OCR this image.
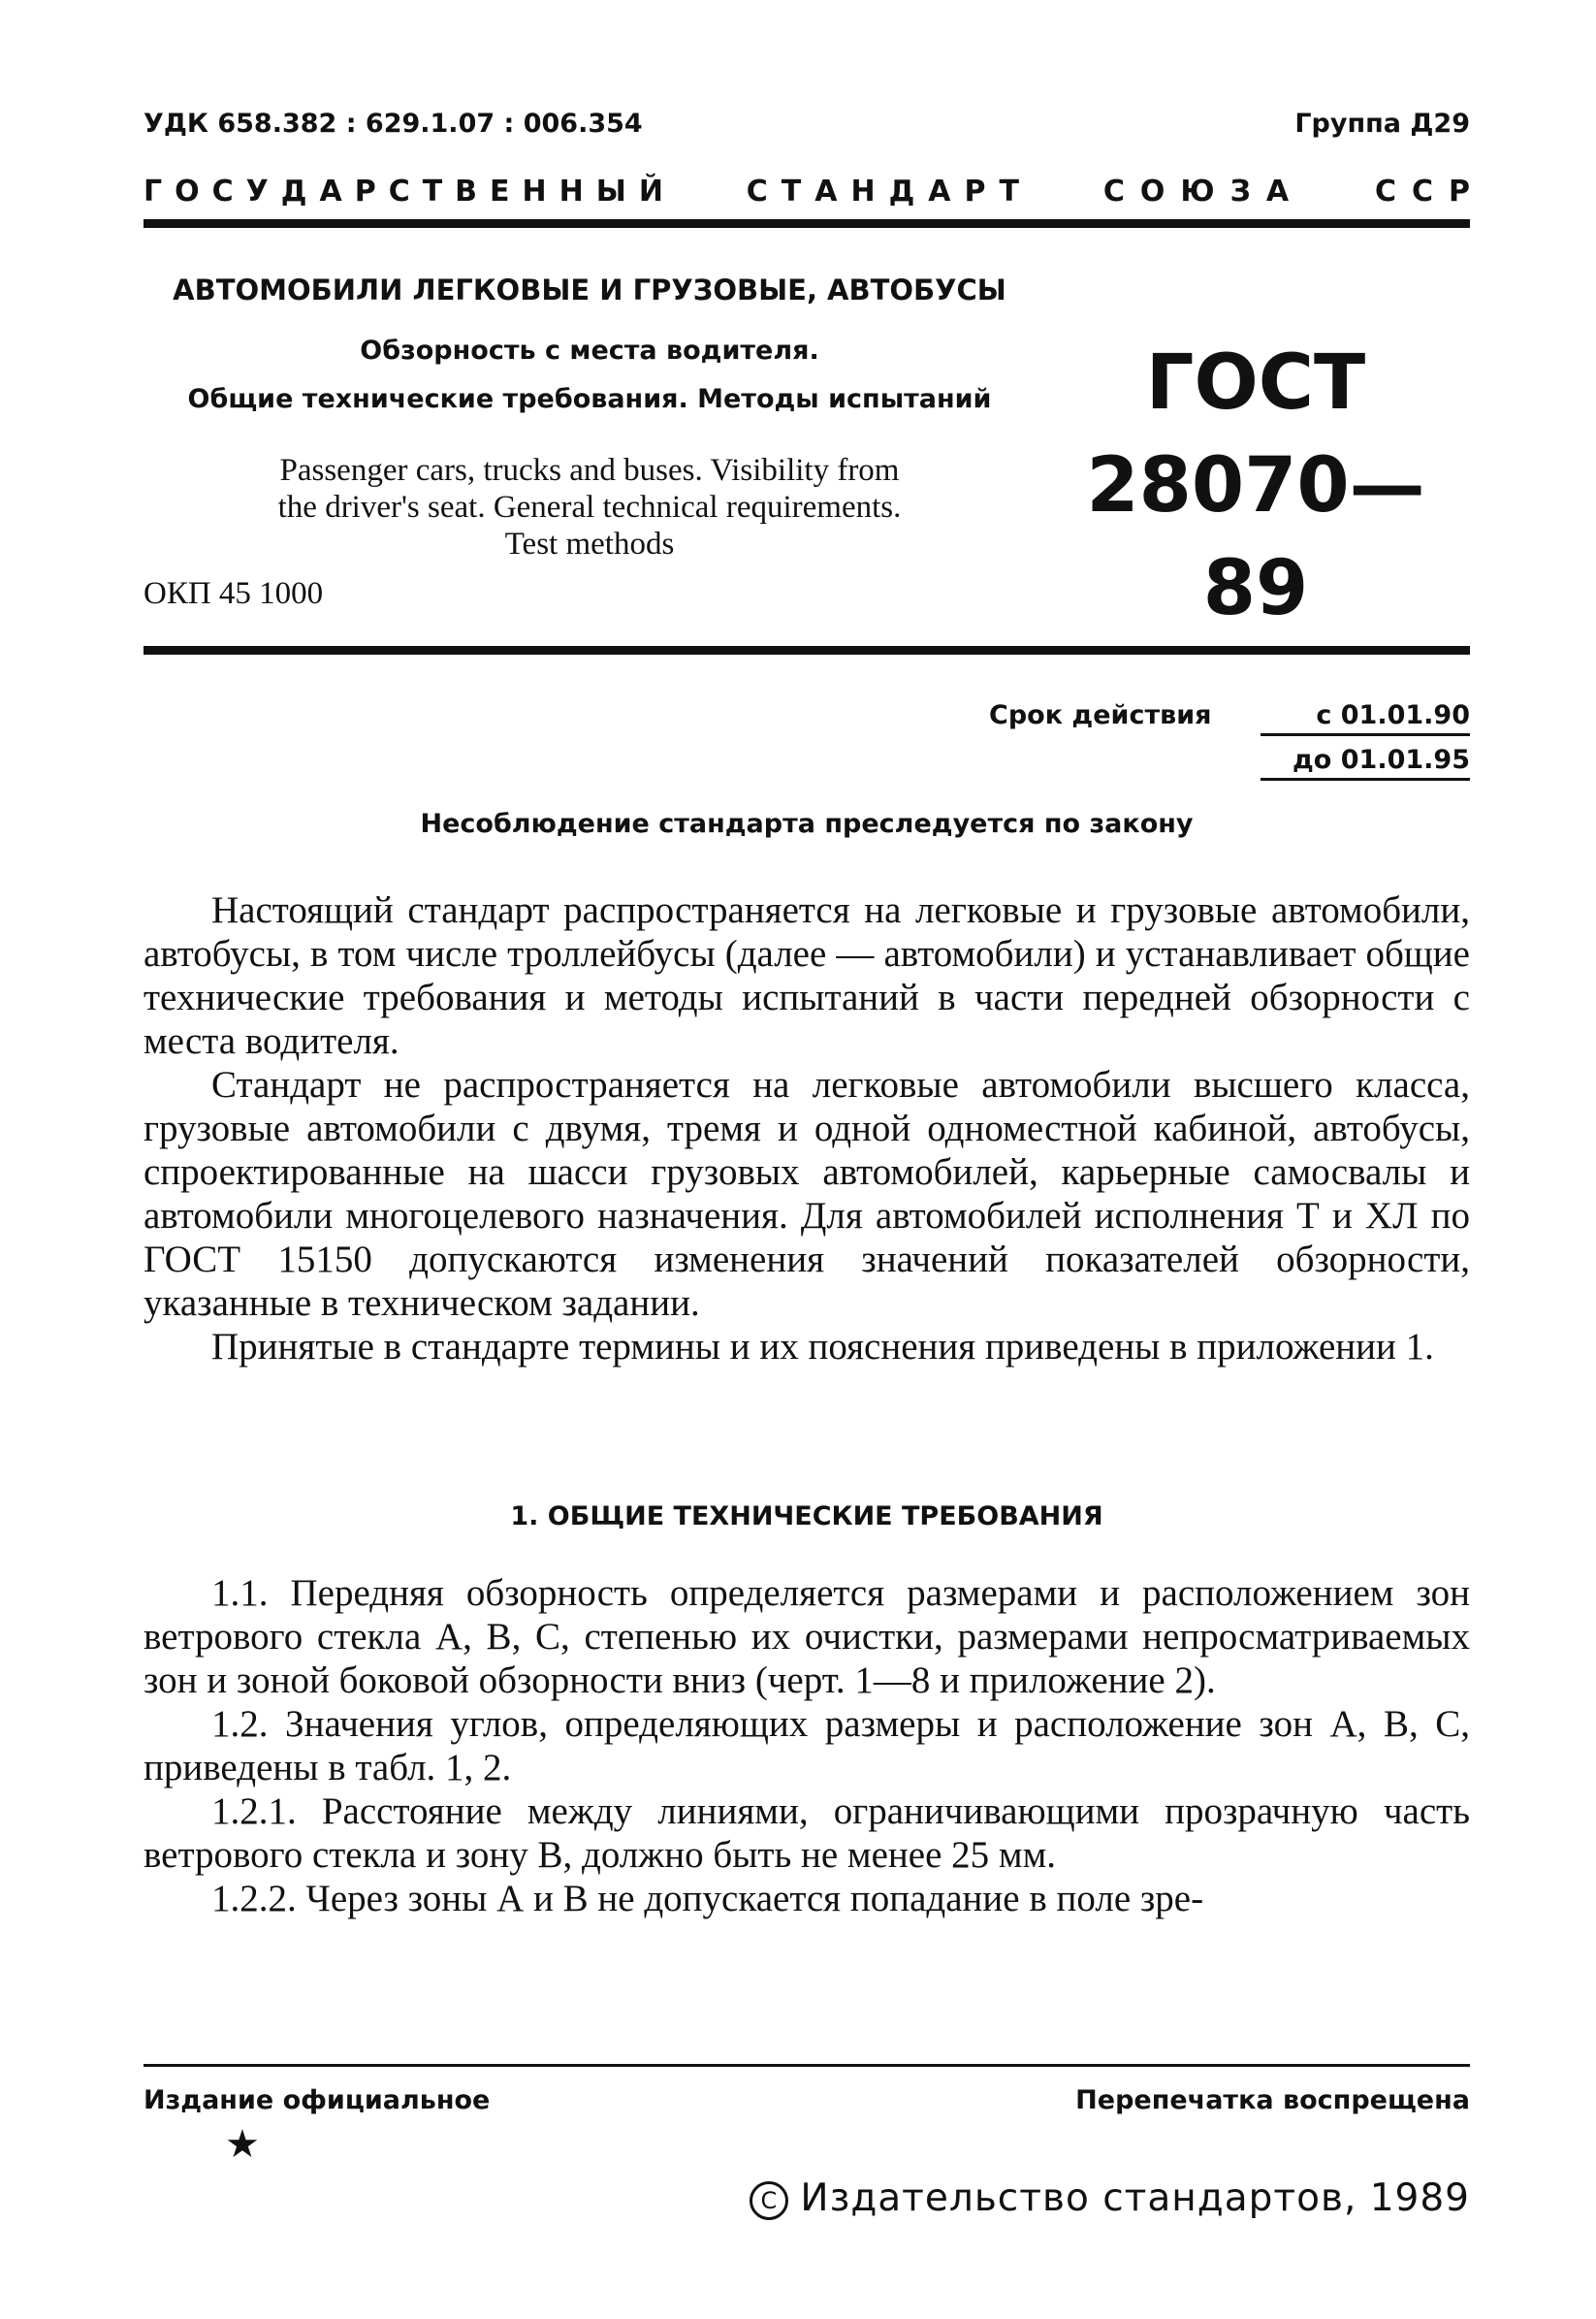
УДК 658.382 : 629.1.07 : 006.354	Группа Д29
ГОСУДАРСТВЕННЫЙ СТАНДАРТ СОЮЗА ССР
АВТОМОБИЛИ ЛЕГКОВЫЕ И ГРУЗОВЫЕ, АВТОБУСЫ
Обзорность с места водителя.
Общие технические требования. Методы испытаний
Passenger cars, trucks and buses. Visibility from
the driver's seat. General technical requirements.
Test methods
ОКП 45 1000
ГОСТ
28070—89
Срок действия	с 01.01.90
до 01.01.95
Несоблюдение стандарта преследуется по закону

Настоящий стандарт распространяется на легковые и грузовые автомобили, автобусы, в том числе троллейбусы (далее — автомобили) и устанавливает общие технические требования и методы испытаний в части передней обзорности с места водителя.

Стандарт не распространяется на легковые автомобили высшего класса, грузовые автомобили с двумя, тремя и одной одноместной кабиной, автобусы, спроектированные на шасси грузовых автомобилей, карьерные самосвалы и автомобили многоцелевого назначения. Для автомобилей исполнения Т и ХЛ по ГОСТ 15150 допускаются изменения значений показателей обзорности, указанные в техническом задании.

Принятые в стандарте термины и их пояснения приведены в приложении 1.

1. ОБЩИЕ ТЕХНИЧЕСКИЕ ТРЕБОВАНИЯ

1.1. Передняя обзорность определяется размерами и расположением зон ветрового стекла А, В, С, степенью их очистки, размерами непросматриваемых зон и зоной боковой обзорности вниз (черт. 1—8 и приложение 2).

1.2. Значения углов, определяющих размеры и расположение зон А, В, С, приведены в табл. 1, 2.

1.2.1. Расстояние между линиями, ограничивающими прозрачную часть ветрового стекла и зону В, должно быть не менее 25 мм.

1.2.2. Через зоны А и В не допускается попадание в поле зре-

Издание официальное
★
Перепечатка воспрещена
C Издательство стандартов, 1989
